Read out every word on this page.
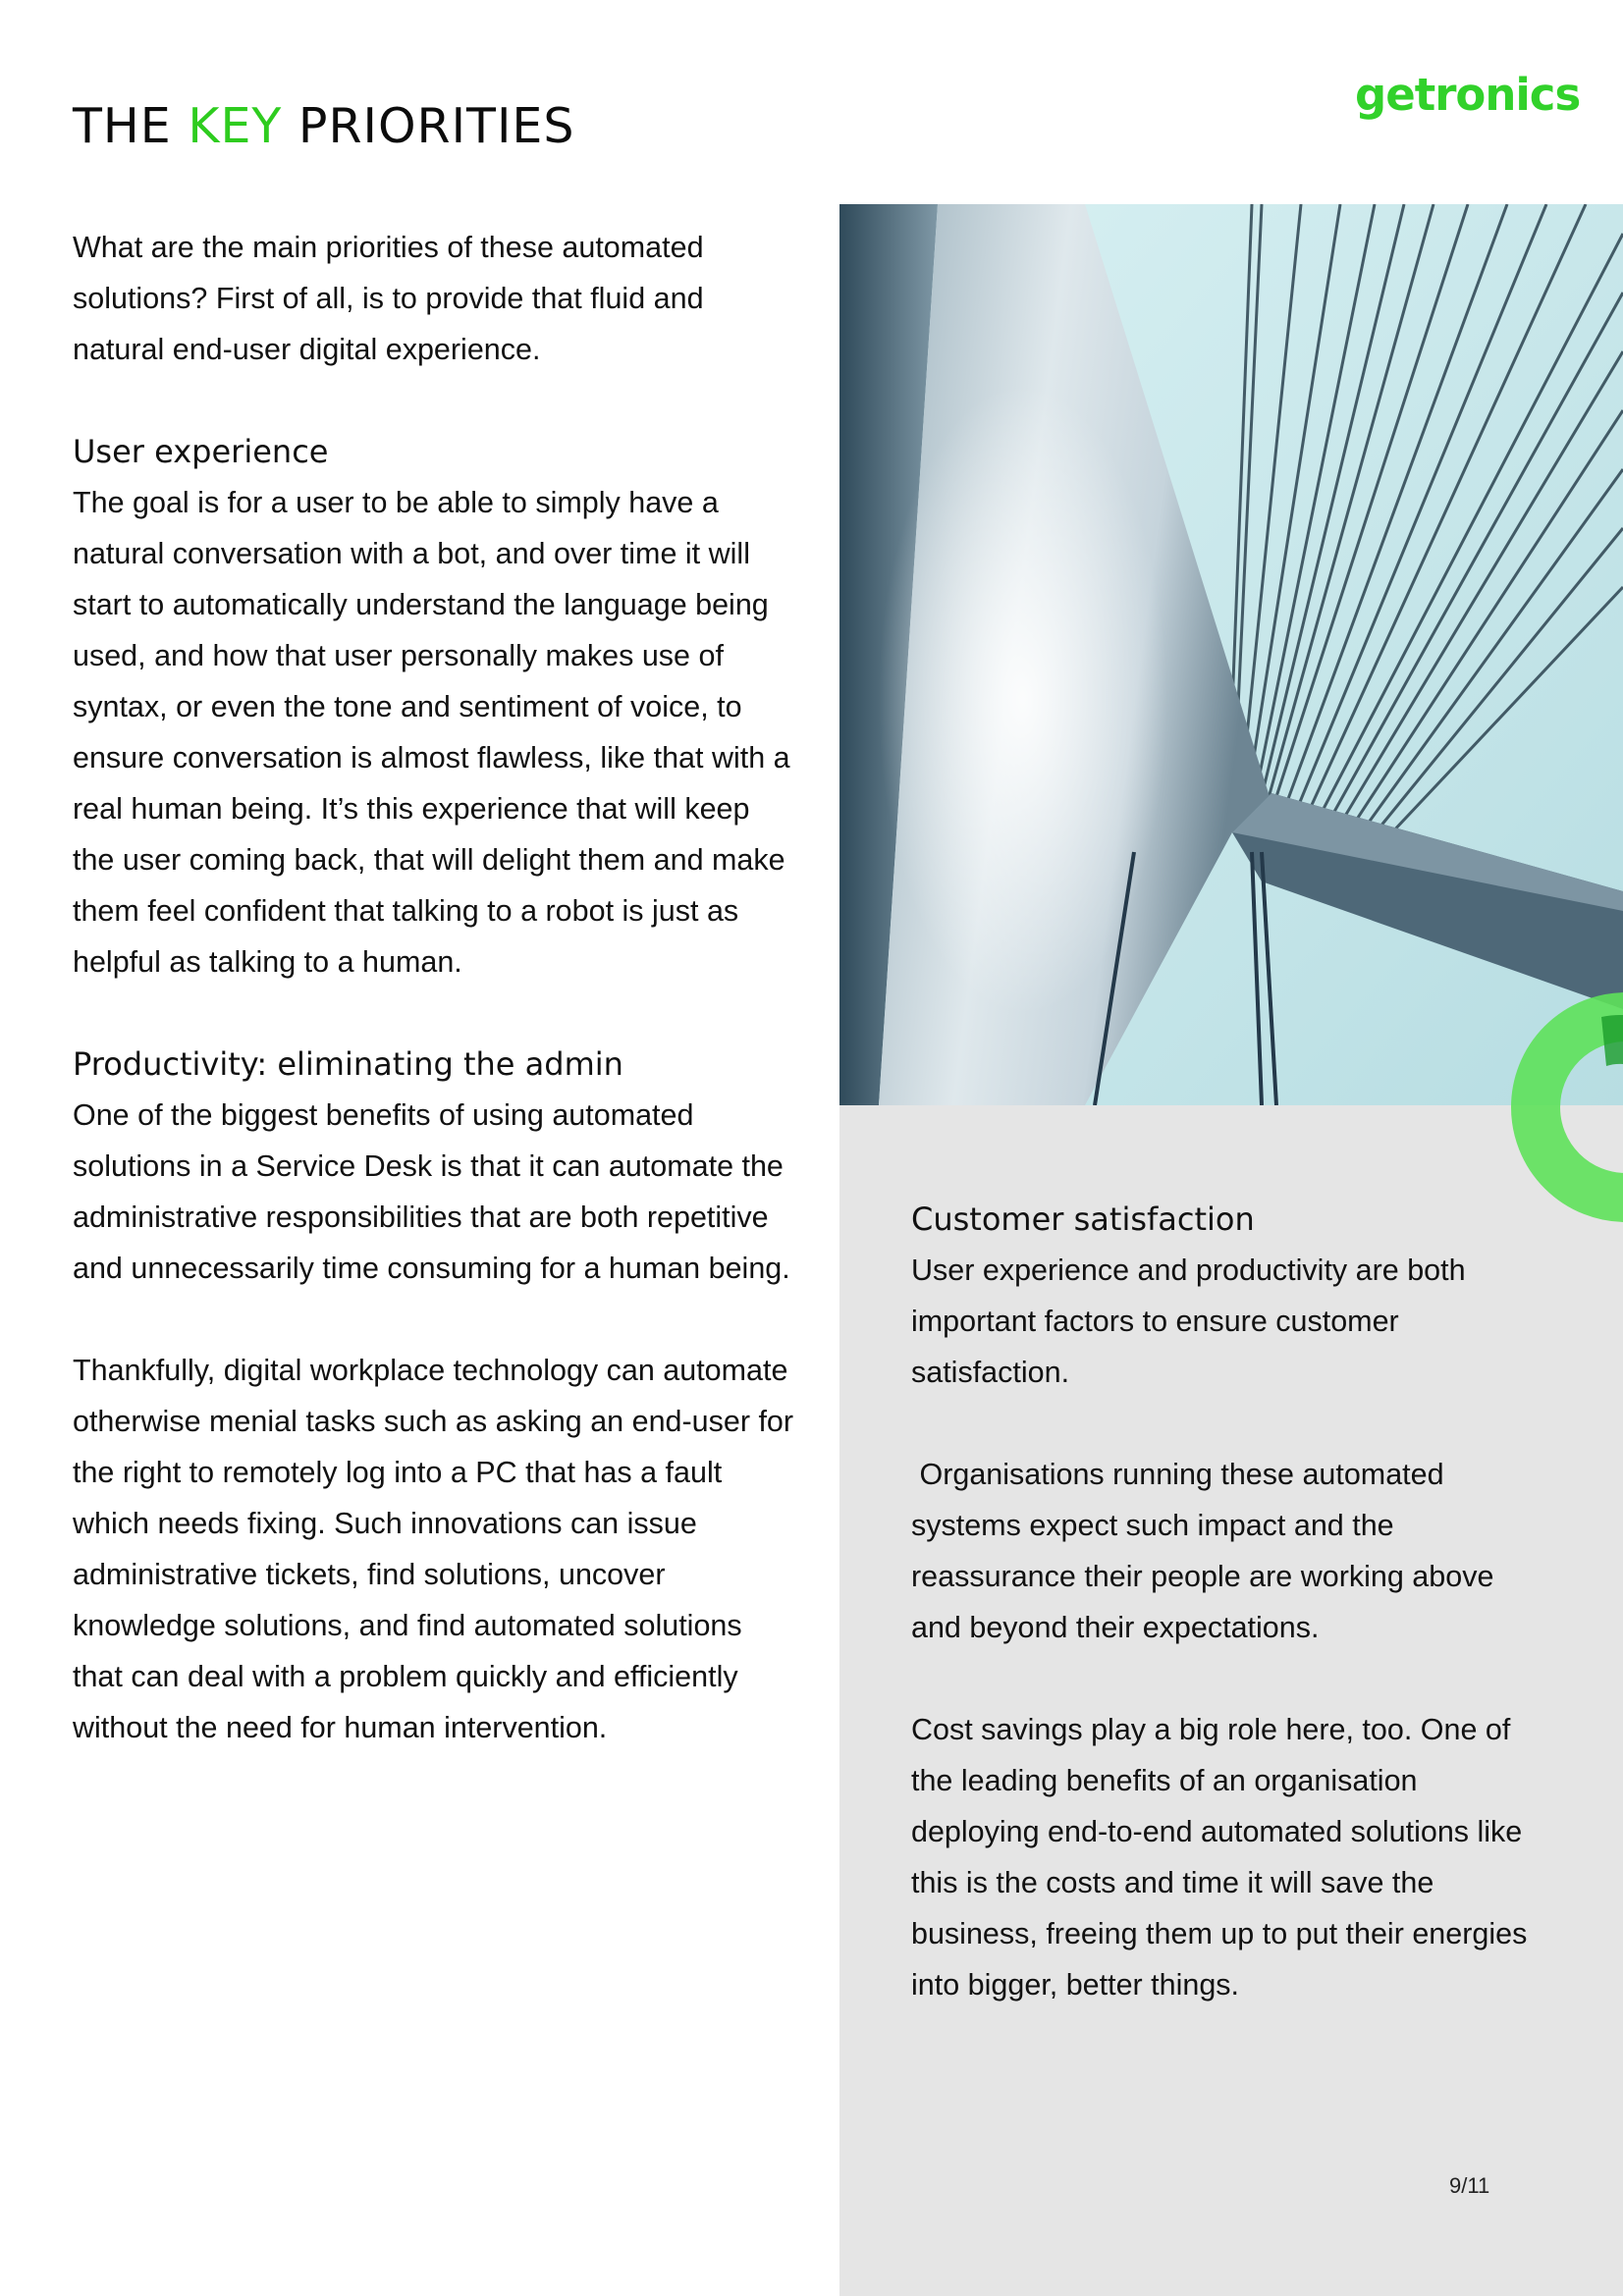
THE KEY PRIORITIES
getronics

What are the main priorities of these automated solutions? First of all, is to provide that fluid and natural end-user digital experience.

User experience

The goal is for a user to be able to simply have a natural conversation with a bot, and over time it will start to automatically understand the language being used, and how that user personally makes use of syntax, or even the tone and sentiment of voice, to ensure conversation is almost flawless, like that with a real human being. It’s this experience that will keep the user coming back, that will delight them and make them feel confident that talking to a robot is just as helpful as talking to a human.

Productivity: eliminating the admin

One of the biggest benefits of using automated solutions in a Service Desk is that it can automate the administrative responsibilities that are both repetitive and unnecessarily time consuming for a human being.

Thankfully, digital workplace technology can automate otherwise menial tasks such as asking an end-user for the right to remotely log into a PC that has a fault which needs fixing. Such innovations can issue administrative tickets, find solutions, uncover knowledge solutions, and find automated solutions that can deal with a problem quickly and efficiently without the need for human intervention.

Customer satisfaction

User experience and productivity are both important factors to ensure customer satisfaction.

Organisations running these automated systems expect such impact and the reassurance their people are working above and beyond their expectations.

Cost savings play a big role here, too. One of the leading benefits of an organisation deploying end-to-end automated solutions like this is the costs and time it will save the business, freeing them up to put their energies into bigger, better things.

9/11
